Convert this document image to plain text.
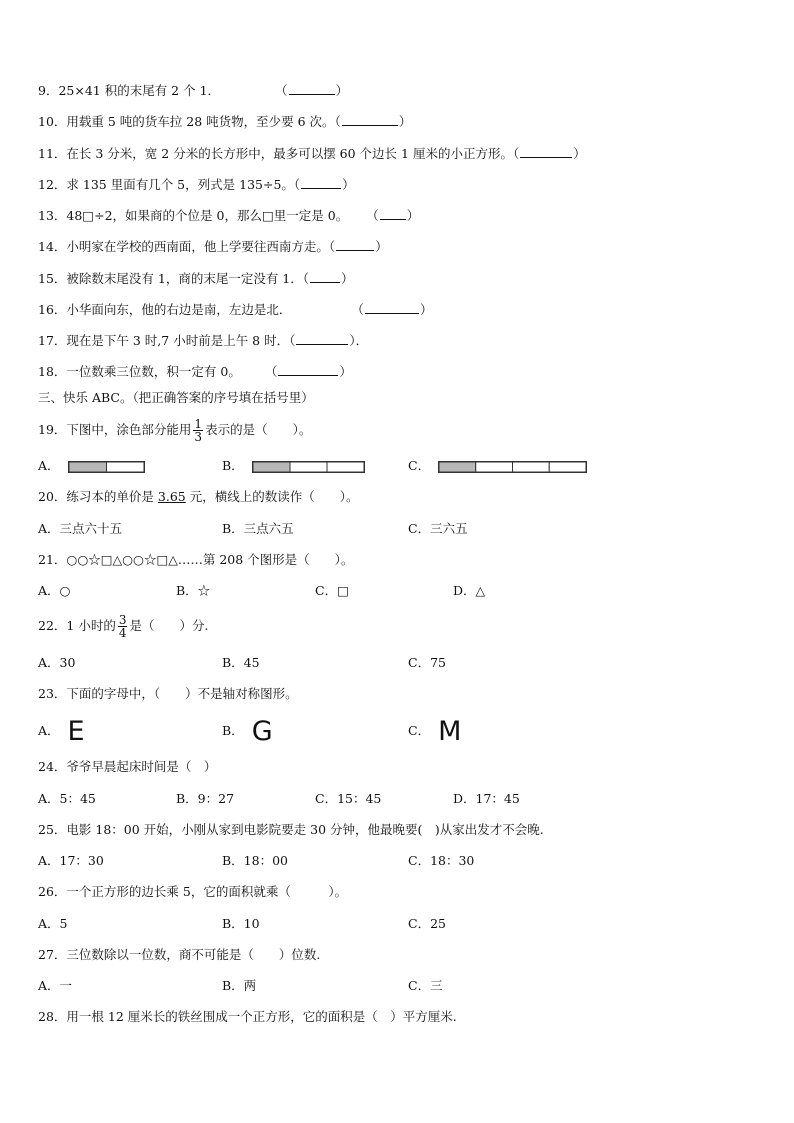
9．25×41 积的末尾有 2 个 1．	（	）
10．用载重 5 吨的货车拉 28 吨货物，至少要 6 次。（	）
11．在长 3 分米，宽 2 分米的长方形中，最多可以摆 60 个边长 1 厘米的小正方形。（	）
12．求 135 里面有几个 5，列式是 135÷5。（	）
13．48□÷2，如果商的个位是 0，那么□里一定是 0。 （ ）
14．小明家在学校的西南面，他上学要往西南方走。（	）
15．被除数末尾没有 1，商的末尾一定没有 1．（	）
16．小华面向东，他的右边是南，左边是北．	（	）
17．现在是下午 3 时,7 小时前是上午 8 时．（	）．
18．一位数乘三位数，积一定有 0。 （	）
三、快乐 ABC。（把正确答案的序号填在括号里）
19．下图中，涂色部分能用 $\frac{1}{3}$ 表示的是（　　）。
A．	B．	C．
20．练习本的单价是 3.65 元，横线上的数读作（　　）。
A．三点六十五	B．三点六五	C．三六五
21．○○☆□△○○☆□△……第 208 个图形是（　　）。
A．○	B．☆	C．□	D．△
22．1 小时的 $\frac{3}{4}$ 是（　　）分.
A．30	B．45	C．75
23．下面的字母中，（　　）不是轴对称图形。
A． E	B． G	C． M
24．爷爷早晨起床时间是（　）
A．5：45	B．9：27	C．15：45	D．17：45
25．电影 18：00 开始，小刚从家到电影院要走 30 分钟，他最晚要(　)从家出发才不会晚.
A．17：30	B．18：00	C．18：30
26．一个正方形的边长乘 5，它的面积就乘（　　　）。
A．5	B．10	C．25
27．三位数除以一位数，商不可能是（　　）位数.
A．一	B．两	C．三
28．用一根 12 厘米长的铁丝围成一个正方形，它的面积是（　）平方厘米.
